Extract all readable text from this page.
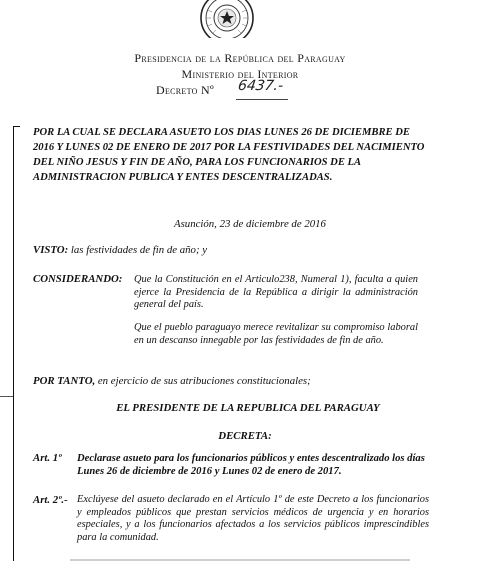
Presidencia de la República del Paraguay
Ministerio del Interior
Decreto Nº 6437.-

POR LA CUAL SE DECLARA ASUETO LOS DIAS LUNES 26 DE DICIEMBRE DE 2016 Y LUNES 02 DE ENERO DE 2017 POR LA FESTIVIDADES DEL NACIMIENTO DEL NIÑO JESUS Y FIN DE AÑO, PARA LOS FUNCIONARIOS DE LA ADMINISTRACION PUBLICA Y ENTES DESCENTRALIZADAS.

Asunción, 23 de diciembre de 2016
VISTO: las festividades de fin de año; y
CONSIDERANDO: Que la Constitución en el Articulo238, Numeral 1), faculta a quien ejerce la Presidencia de la República a dirigir la administración general del país.

Que el pueblo paraguayo merece revitalizar su compromiso laboral en un descanso innegable por las festividades de fin de año.

POR TANTO, en ejercicio de sus atribuciones constitucionales;
EL PRESIDENTE DE LA REPUBLICA DEL PARAGUAY
DECRETA:
Art. 1º Declarase asueto para los funcionarios públicos y entes descentralizado los días Lunes 26 de diciembre de 2016 y Lunes 02 de enero de 2017.

Art. 2º.- Exclúyese del asueto declarado en el Artículo 1º de este Decreto a los funcionarios y empleados públicos que prestan servicios médicos de urgencia y en horarios especiales, y a los funcionarios afectados a los servicios públicos imprescindibles para la comunidad.
